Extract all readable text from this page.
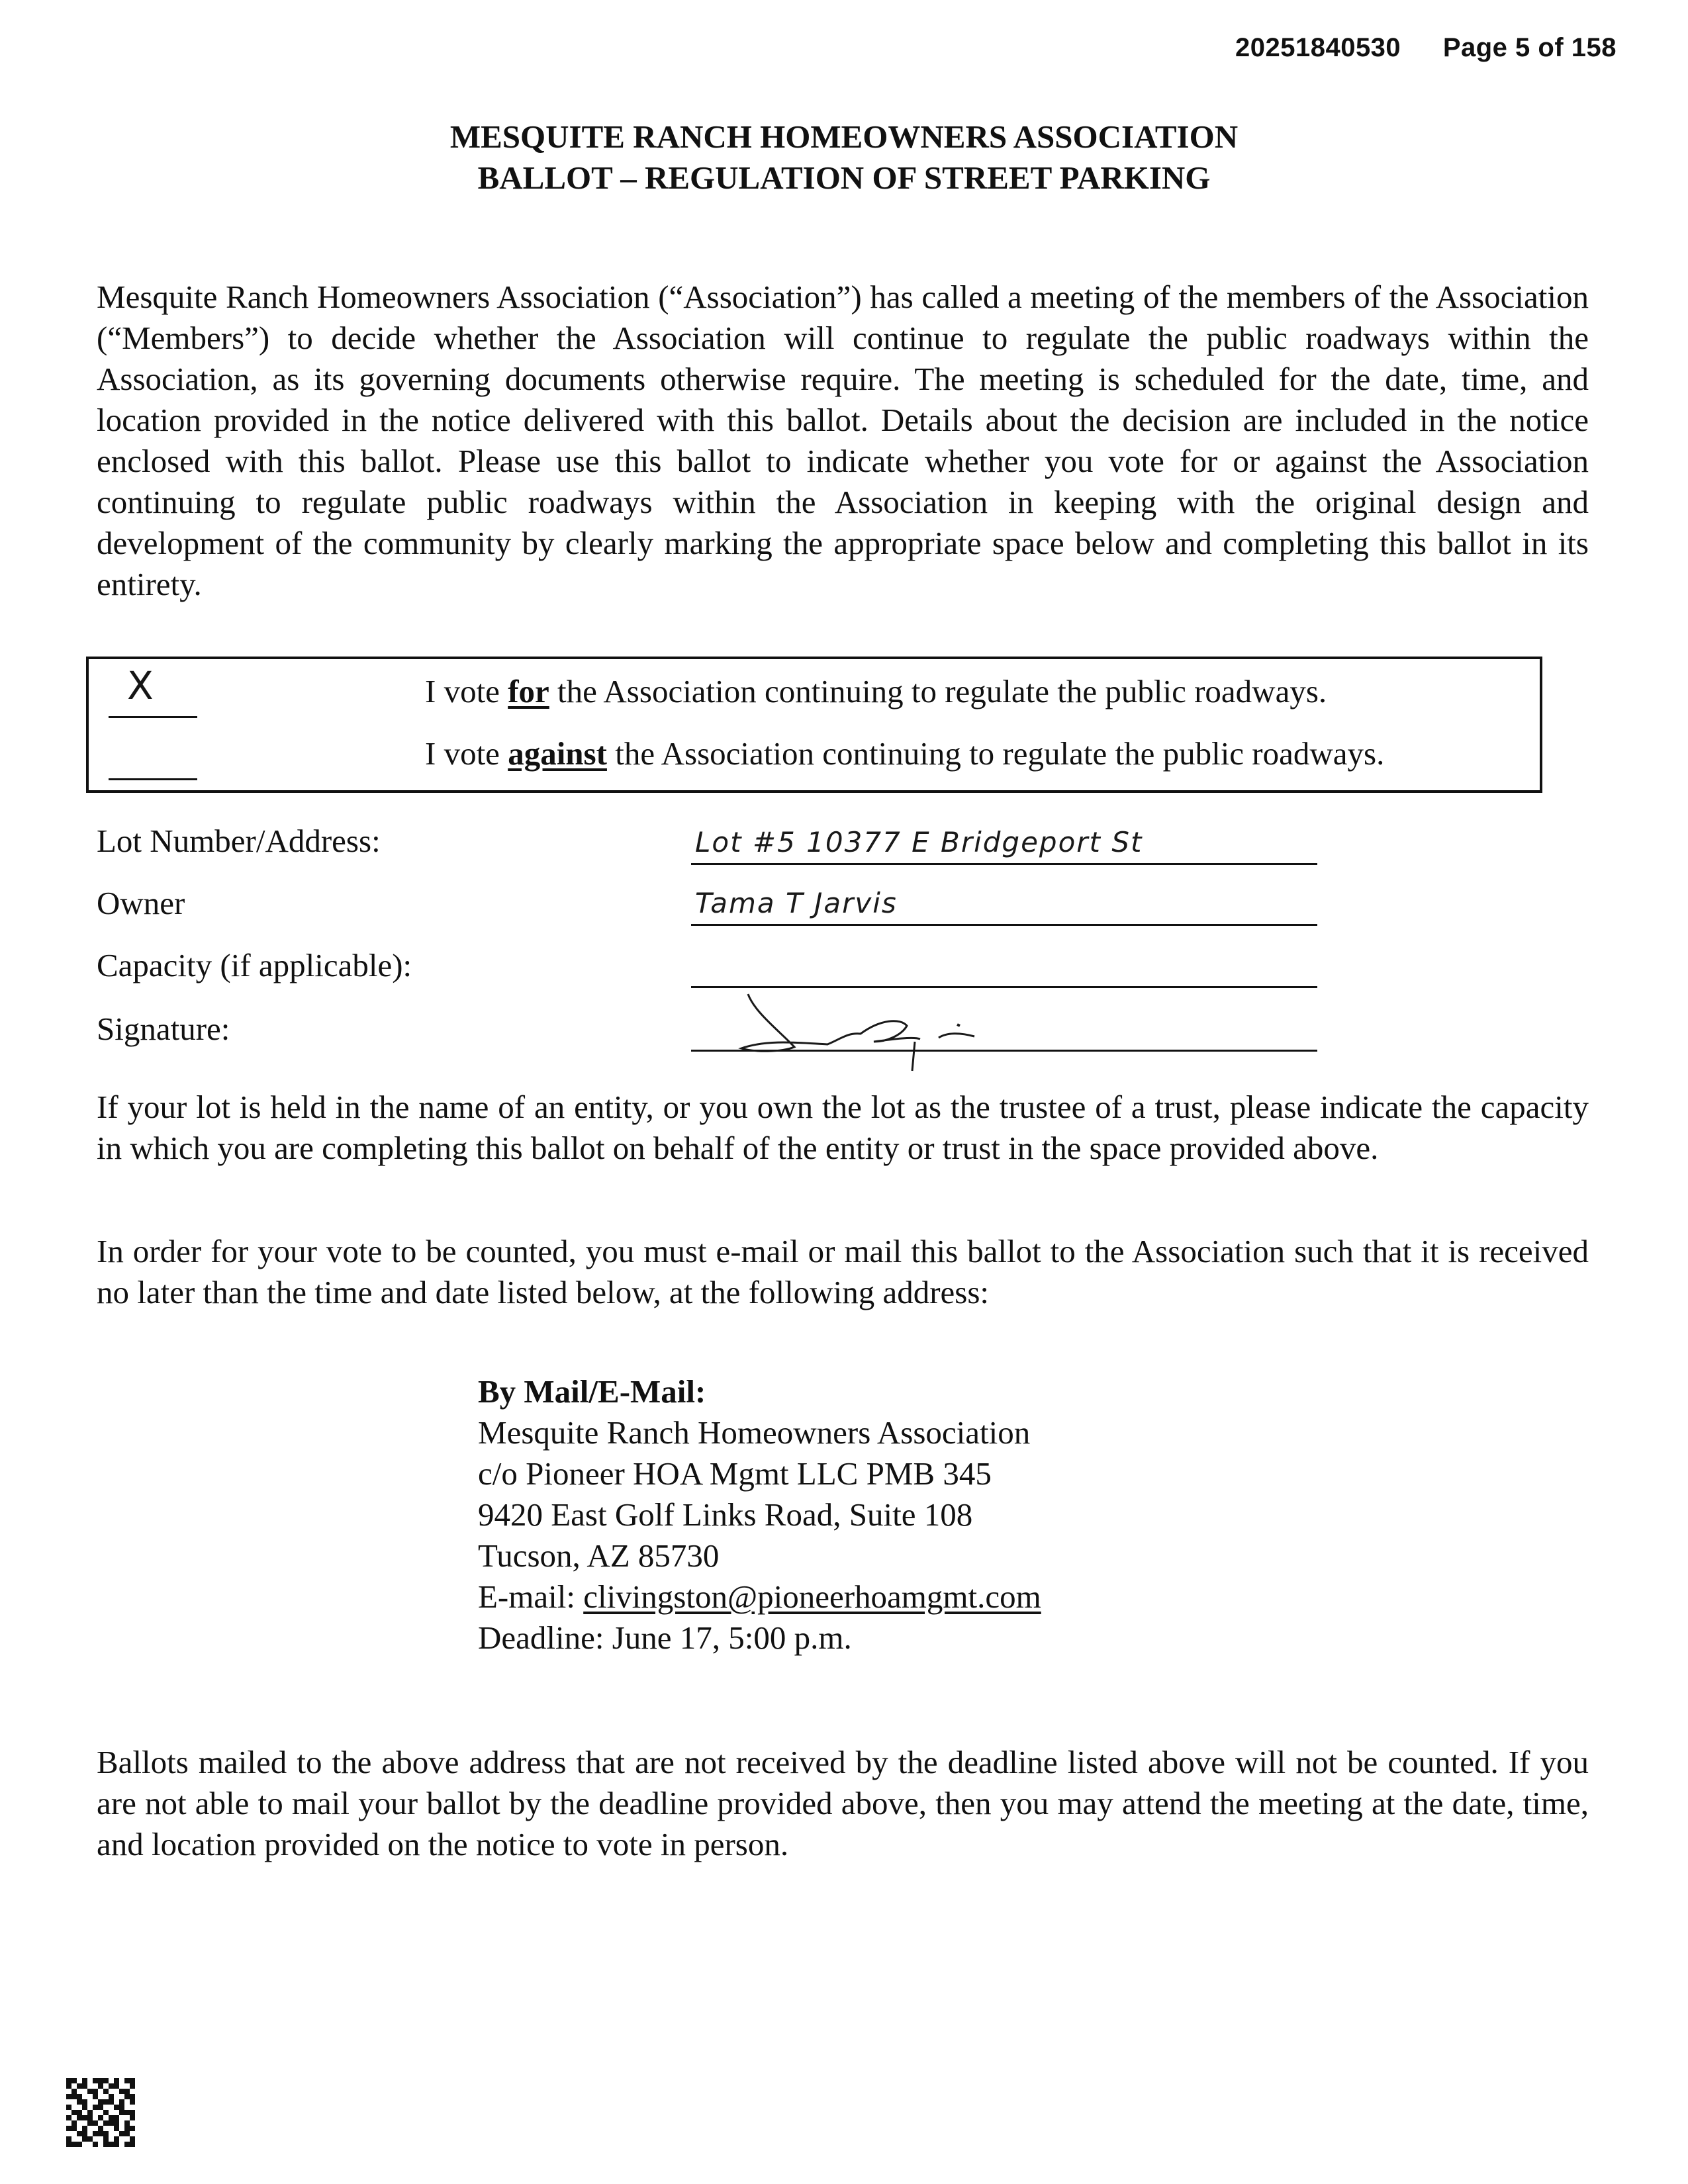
20251840530 Page 5 of 158
MESQUITE RANCH HOMEOWNERS ASSOCIATION
BALLOT – REGULATION OF STREET PARKING
Mesquite Ranch Homeowners Association (“Association”) has called a meeting of the members of the Association (“Members”) to decide whether the Association will continue to regulate the public roadways within the Association, as its governing documents otherwise require. The meeting is scheduled for the date, time, and location provided in the notice delivered with this ballot. Details about the decision are included in the notice enclosed with this ballot. Please use this ballot to indicate whether you vote for or against the Association continuing to regulate public roadways within the Association in keeping with the original design and development of the community by clearly marking the appropriate space below and completing this ballot in its entirety.
X	I vote for the Association continuing to regulate the public roadways.
I vote against the Association continuing to regulate the public roadways.
Lot Number/Address:	Lot #5 10377 E Bridgeport St
Owner	Tama T Jarvis
Capacity (if applicable):
Signature:
If your lot is held in the name of an entity, or you own the lot as the trustee of a trust, please indicate the capacity in which you are completing this ballot on behalf of the entity or trust in the space provided above.
In order for your vote to be counted, you must e-mail or mail this ballot to the Association such that it is received no later than the time and date listed below, at the following address:
By Mail/E-Mail:
Mesquite Ranch Homeowners Association
c/o Pioneer HOA Mgmt LLC PMB 345
9420 East Golf Links Road, Suite 108
Tucson, AZ 85730
E-mail: clivingston@pioneerhoamgmt.com
Deadline: June 17, 5:00 p.m.
Ballots mailed to the above address that are not received by the deadline listed above will not be counted. If you are not able to mail your ballot by the deadline provided above, then you may attend the meeting at the date, time, and location provided on the notice to vote in person.
